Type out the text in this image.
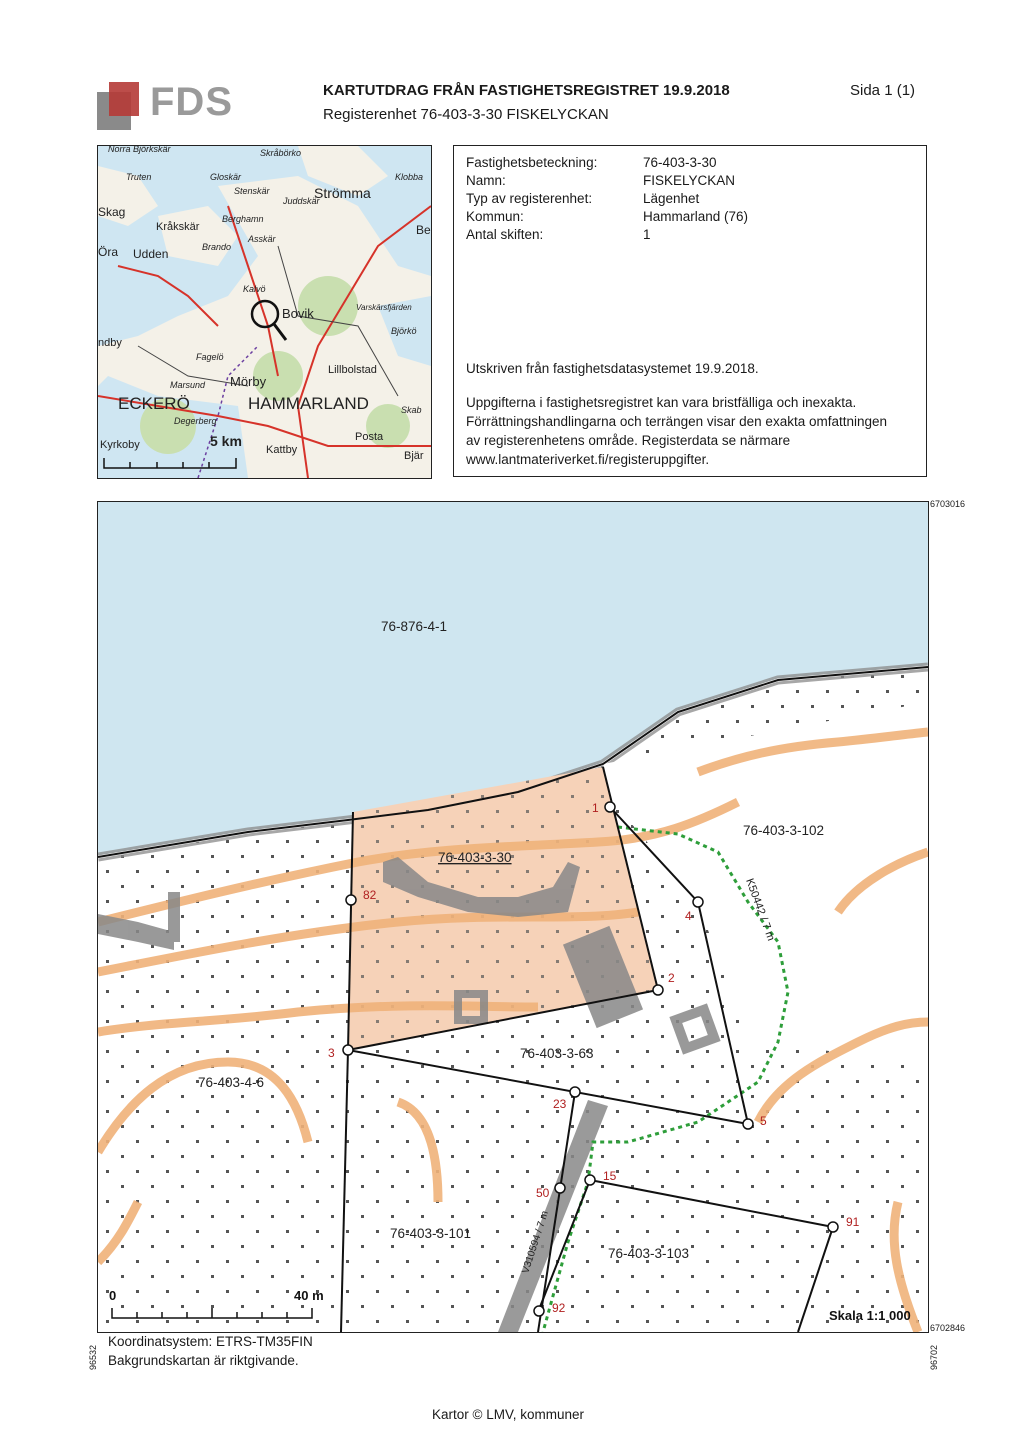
FDS	KARTUTDRAG FRÅN FASTIGHETSREGISTRET 19.9.2018
Registerenhet 76-403-3-30 FISKELYCKAN
Sida 1 (1)
Norra Björkskär	Skråbörko
Truten	Gloskär	Klobba
Stenskär
Juddskär
Strömma
Skag
Kråkskär
Berghamn
Asskär
Be
Öra Udden	Brando
Kalvö
Bovik	Varskärsfjärden
Björkö
ndby
Fagelö
Lillbolstad
Marsund Mörby
ECKERÖ	HAMMARLAND	Skab
Kyrkoby
Degerberg
Posta
Kattby	Bjär
5 km
Fastighetsbeteckning:	76-403-3-30
Namn:	FISKELYCKAN
Typ av registerenhet:	Lägenhet
Kommun:	Hammarland (76)
Antal skiften:	1
Utskriven från fastighetsdatasystemet 19.9.2018.
Uppgifterna i fastighetsregistret kan vara bristfälliga och inexakta.
Förrättningshandlingarna och terrängen visar den exakta omfattningen
av registerenhetens område. Registerdata se närmare
www.lantmateriverket.fi/registeruppgifter.
6703016
6702846
96532	96702
1
2
3
4
5
15
23
50
82
91
92
76-876-4-1
76-403-3-30
76-403-3-102
76-403-3-63
76-403-4-6
76-403-3-101
76-403-3-103
K50442 / 7 m
V310594 / 7 m
0	40 m
Skala 1:1 000
Koordinatsystem: ETRS-TM35FIN
Bakgrundskartan är riktgivande.
Kartor © LMV, kommuner
